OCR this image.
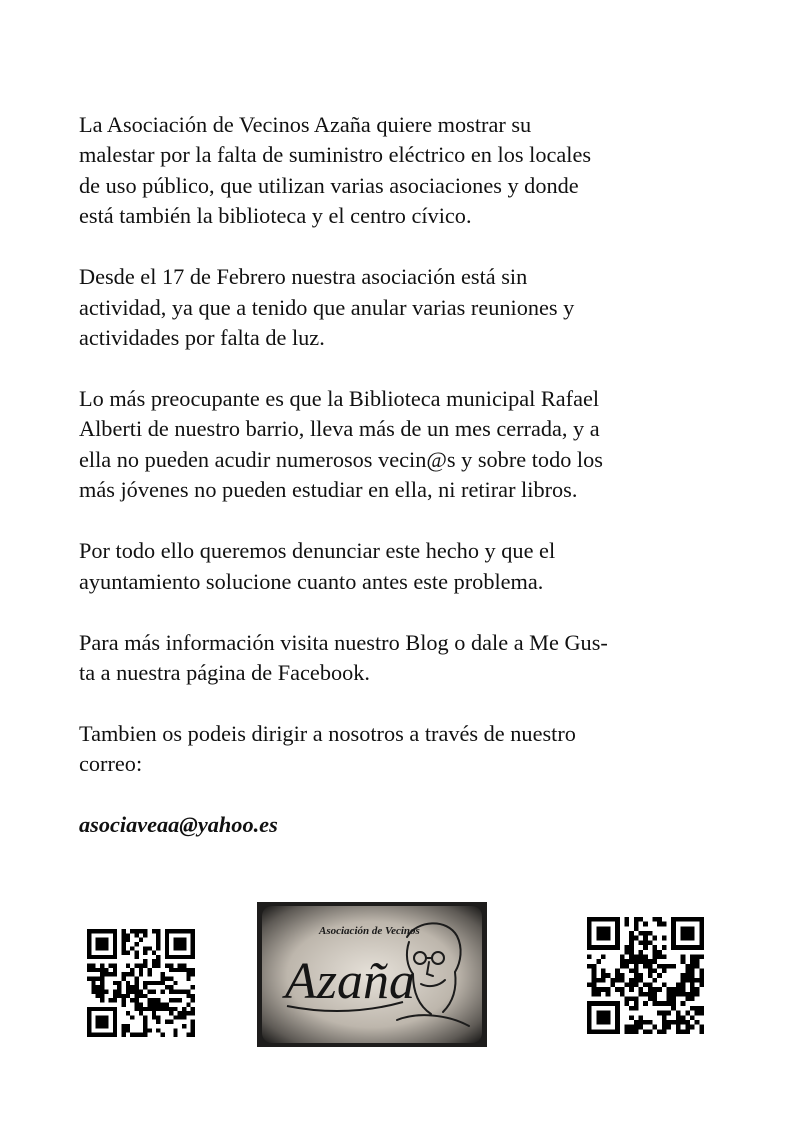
La Asociación de Vecinos Azaña quiere mostrar su
malestar por la falta de suministro eléctrico en los locales
de uso público, que utilizan varias asociaciones y donde
está también la biblioteca y el centro cívico.

Desde el 17 de Febrero nuestra asociación está sin
actividad, ya que a tenido que anular varias reuniones y
actividades por falta de luz.

Lo más preocupante es que la Biblioteca municipal Rafael
Alberti de nuestro barrio, lleva más de un mes cerrada, y a
ella no pueden acudir numerosos vecin@s y sobre todo los
más jóvenes no pueden estudiar en ella, ni retirar libros.

Por todo ello queremos denunciar este hecho y que el
ayuntamiento solucione cuanto antes este problema.

Para más información visita nuestro Blog o dale a Me Gus-
ta a nuestra página de Facebook.

Tambien os podeis dirigir a nosotros a través de nuestro
correo:

asociaveaa@yahoo.es

Asociación de Vecinos
Azaña
